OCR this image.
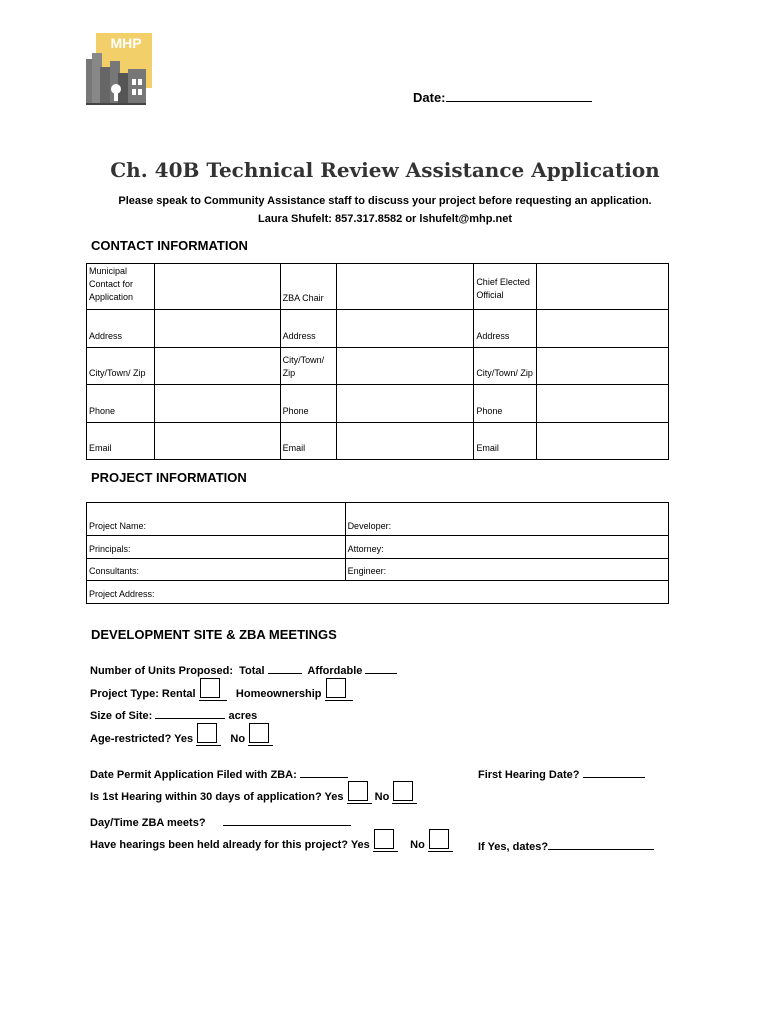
MHP
Date:
Ch. 40B Technical Review Assistance Application
Please speak to Community Assistance staff to discuss your project before requesting an application.
Laura Shufelt: 857.317.8582 or lshufelt@mhp.net
CONTACT INFORMATION
Municipal Contact for Application		ZBA Chair		Chief Elected Official	
Address		Address		Address	
City/Town/ Zip		City/Town/ Zip		City/Town/ Zip	
Phone		Phone		Phone	
Email		Email		Email	
PROJECT INFORMATION
Project Name:	Developer:
Principals:	Attorney:
Consultants:	Engineer:
Project Address:	
DEVELOPMENT SITE & ZBA MEETINGS
Number of Units Proposed: Total	Affordable
Project Type: Rental	Homeownership
Size of Site:	acres
Age-restricted? Yes	No
Date Permit Application Filed with ZBA:	First Hearing Date?
Is 1st Hearing within 30 days of application? Yes	No
Day/Time ZBA meets?
Have hearings been held already for this project? Yes	No	If Yes, dates?
